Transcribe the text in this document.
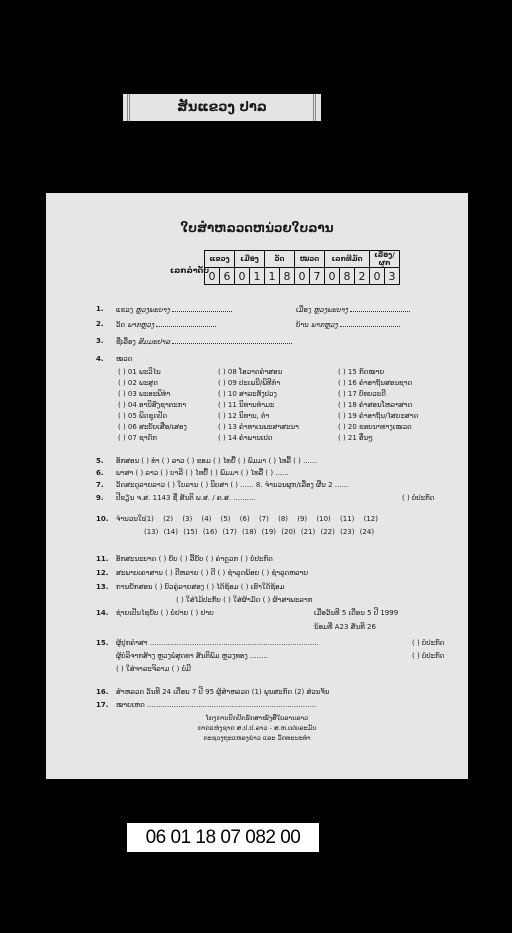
ສັນແຂວງ ປາລ
ໃບສຳຫລວດຫນ່ວຍໃບລານ
ເລກລຳດັບ
ແຂວງ		ເມືອງ		ວັດ		ໝວດ		ເລກທີມັດ			ເລື່ອງ/ຜູກ	
0	6	0	1	1	8	0	7	0	8	2	0	3
1. ແຂວງ ຫຼວງພະບາງ	ເມືອງ ຫຼວງພະບາງ
2. ວັດ ພາກຫຼວງ	ບ້ານ ພາກຫຼວງ
3. ຊື່ເລື່ອງ ສົມມະປາລ
4. ໝວດ
( ) 01 ພະວິໄນ	( ) 08 ໂອວາດຄຳສອນ	( ) 15 ກົດໝາຍ
( ) 02 ພະສູດ	( ) 09 ປະເພນີ/ພິທີກຳ	( ) 16 ຄຳອາຖັນສອນຊາດ
( ) 03 ພະອະພິທຳ	( ) 10 ສາລະທັງປວງ	( ) 17 ບົທບວະດີ
( ) 04 ອານິສົງຊາຕະກາ	( ) 11 ນິທານທຳມະ	( ) 18 ຄຳສອນໂຫລາສາດ
( ) 05 ພິດຊຸດປັດ	( ) 12 ນິທານ, ຕຳ	( ) 19 ຄຳອາຖັນ/ໄສຍະສາດ
( ) 06 ສະບັບເສືອ/ເສອງ	( ) 13 ຄຳທາເນພະສາສະນາ	( ) 20 ຂອບນາທາງເໝວດ
( ) 07 ຊາດົກ	( ) 14 ຄຳພານເປດ	( ) 21 ອື່ນໆ
5. ອັກສອນ ( ) ທຳ ( ) ລາວ ( ) ຂອມ ( ) ໄທຍື້ ( ) ພົມມາ ( ) ໄທລື້ ( ) ......
6. ພາສາ ( ) ລາວ ( ) ບາລີ ( ) ໄທຍື້ ( ) ພົມມາ ( ) ໄທລື້ ( ) ......
7. ວັດສະດຸລາຍລາວ ( ) ໃບລານ ( ) ນິບສາ ( ) ...... 8. ຈຳນວນຜູກ/ເລື່ອງ ຜືນ 2 ......
9. ປີຂຽນ ຈ.ສ. 1143 ຊື່ ສັນຕິ ພ.ສ. / ຄ.ສ. ..........	( ) ບໍ່ປະກົດ
10. ຈຳນວນໃບ
(1) (2) (3) (4) (5) (6) (7) (8) (9) (10) (11) (12)
(13) (14) (15) (16) (17) (18) (19) (20) (21) (22) (23) (24)
11. ອັກສະນະບາດ ( ) ຍັບ ( ) ລີ້ຍັບ ( ) ຄ່າດຼວກ ( ) ບໍ່ປະກົດ
12. ສະພາບເຄາສານ ( ) ດີຫລາຍ ( ) ດີ ( ) ຊຳລຸດພ້ອຍ ( ) ຊຳລຸດຫລາຍ
13. ການຍັກສອນ ( ) ບົວຄູ່ລາຍສອງ ( ) ໄດ້ຊ້ອມ ( ) ເຮົາໃດ້ຊ້ອມ
( ) ໃສ່ໄມ້ປະກັບ ( ) ໃສ່ຜ້າມັດ ( ) ຜ້າສາພະລາກ
14. ຊ່າຍເປັນໄຊຍັບ ( ) ບໍ່ຢາຍ ( ) ຢາຍ	ເມື່ອວັນທີ 5 ເດືອນ 5 ປີ 1999
ນ້ອມທີ່ A23 ສັນທີ 26
15. ຜູ້ປູກຄຳສາ ............................................................................	( ) ບໍ່ປະກົດ
ຜູ້ບໍລິຈາກສ້າງ ຫຼວງພໍ່ສຸດທາ ສັນຕິພົມ ຫຼວງທອງ ........	( ) ບໍ່ປະກົດ
( ) ໃສ່ຈາລະຈິລາມ ( ) ບໍ່ມີ
16. ສຳຫລວດ ວັນທີ 24 ເດືອນ 7 ປີ 95 ຜູ້ສຳຫລວດ (1) ພຸນສະກົດ (2) ສ່ວນຈັນ
17. ໝາຍເຫດ ............................................................................
ໂຄງການປົກປັກຮັກສາໜັງສືໃບລານລາວ
ກາດແຫ່ງຊາດ ສ.ປ.ປ.ລາວ - ສ.ຫ.ເຢຍລະມັນ
ກະຊວງຖະແຫລງຂ່າວ ແລະ ວັດທະນະທຳ
06 01 18 07 082 00
